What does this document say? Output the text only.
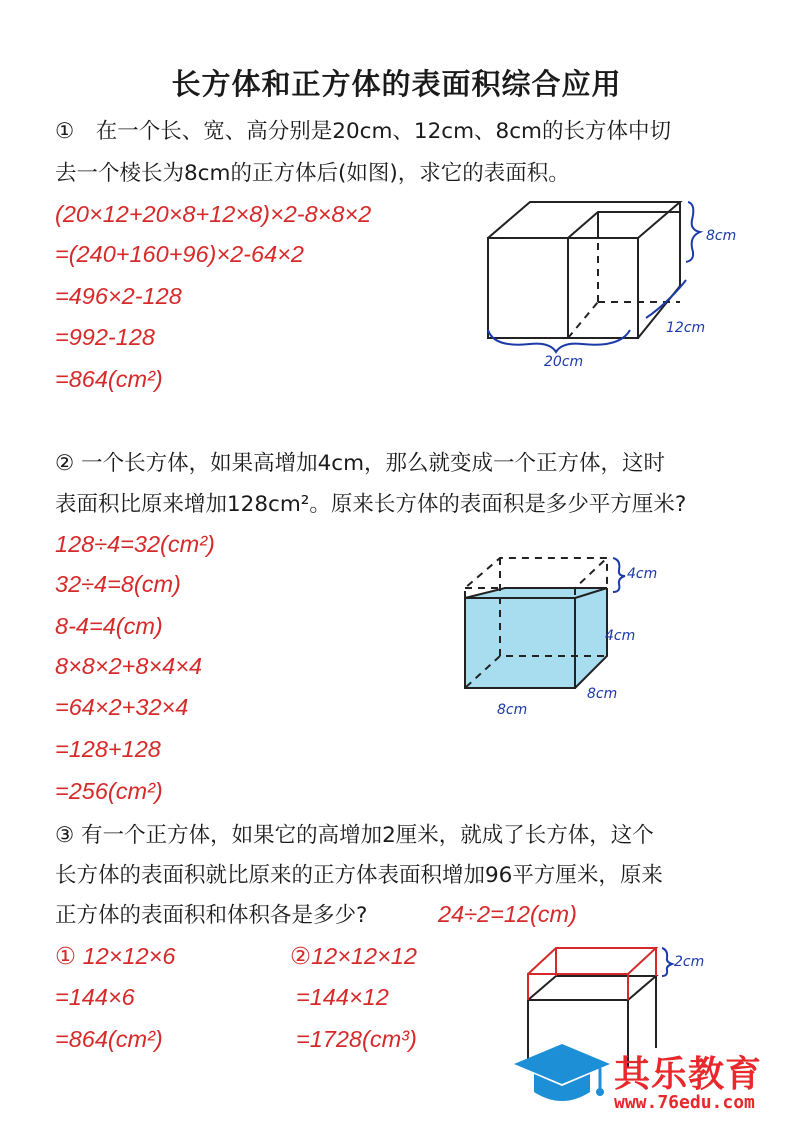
长方体和正方体的表面积综合应用
①　在一个长、宽、高分别是20cm、12cm、8cm的长方体中切
去一个棱长为8cm的正方体后(如图)，求它的表面积。
(20×12+20×8+12×8)×2-8×8×2
=(240+160+96)×2-64×2
=496×2-128
=992-128
=864(cm²)
8cm
12cm
20cm
② 一个长方体，如果高增加4cm，那么就变成一个正方体，这时
表面积比原来增加128cm²。原来长方体的表面积是多少平方厘米?
128÷4=32(cm²)
32÷4=8(cm)
8-4=4(cm)
8×8×2+8×4×4
=64×2+32×4
=128+128
=256(cm²)
4cm
4cm
8cm
8cm
③ 有一个正方体，如果它的高增加2厘米，就成了长方体，这个
长方体的表面积就比原来的正方体表面积增加96平方厘米，原来
正方体的表面积和体积各是多少?	24÷2=12(cm)
① 12×12×6
=144×6
=864(cm²)
②12×12×12
=144×12
=1728(cm³)
2cm
其乐教育
www.76edu.com
